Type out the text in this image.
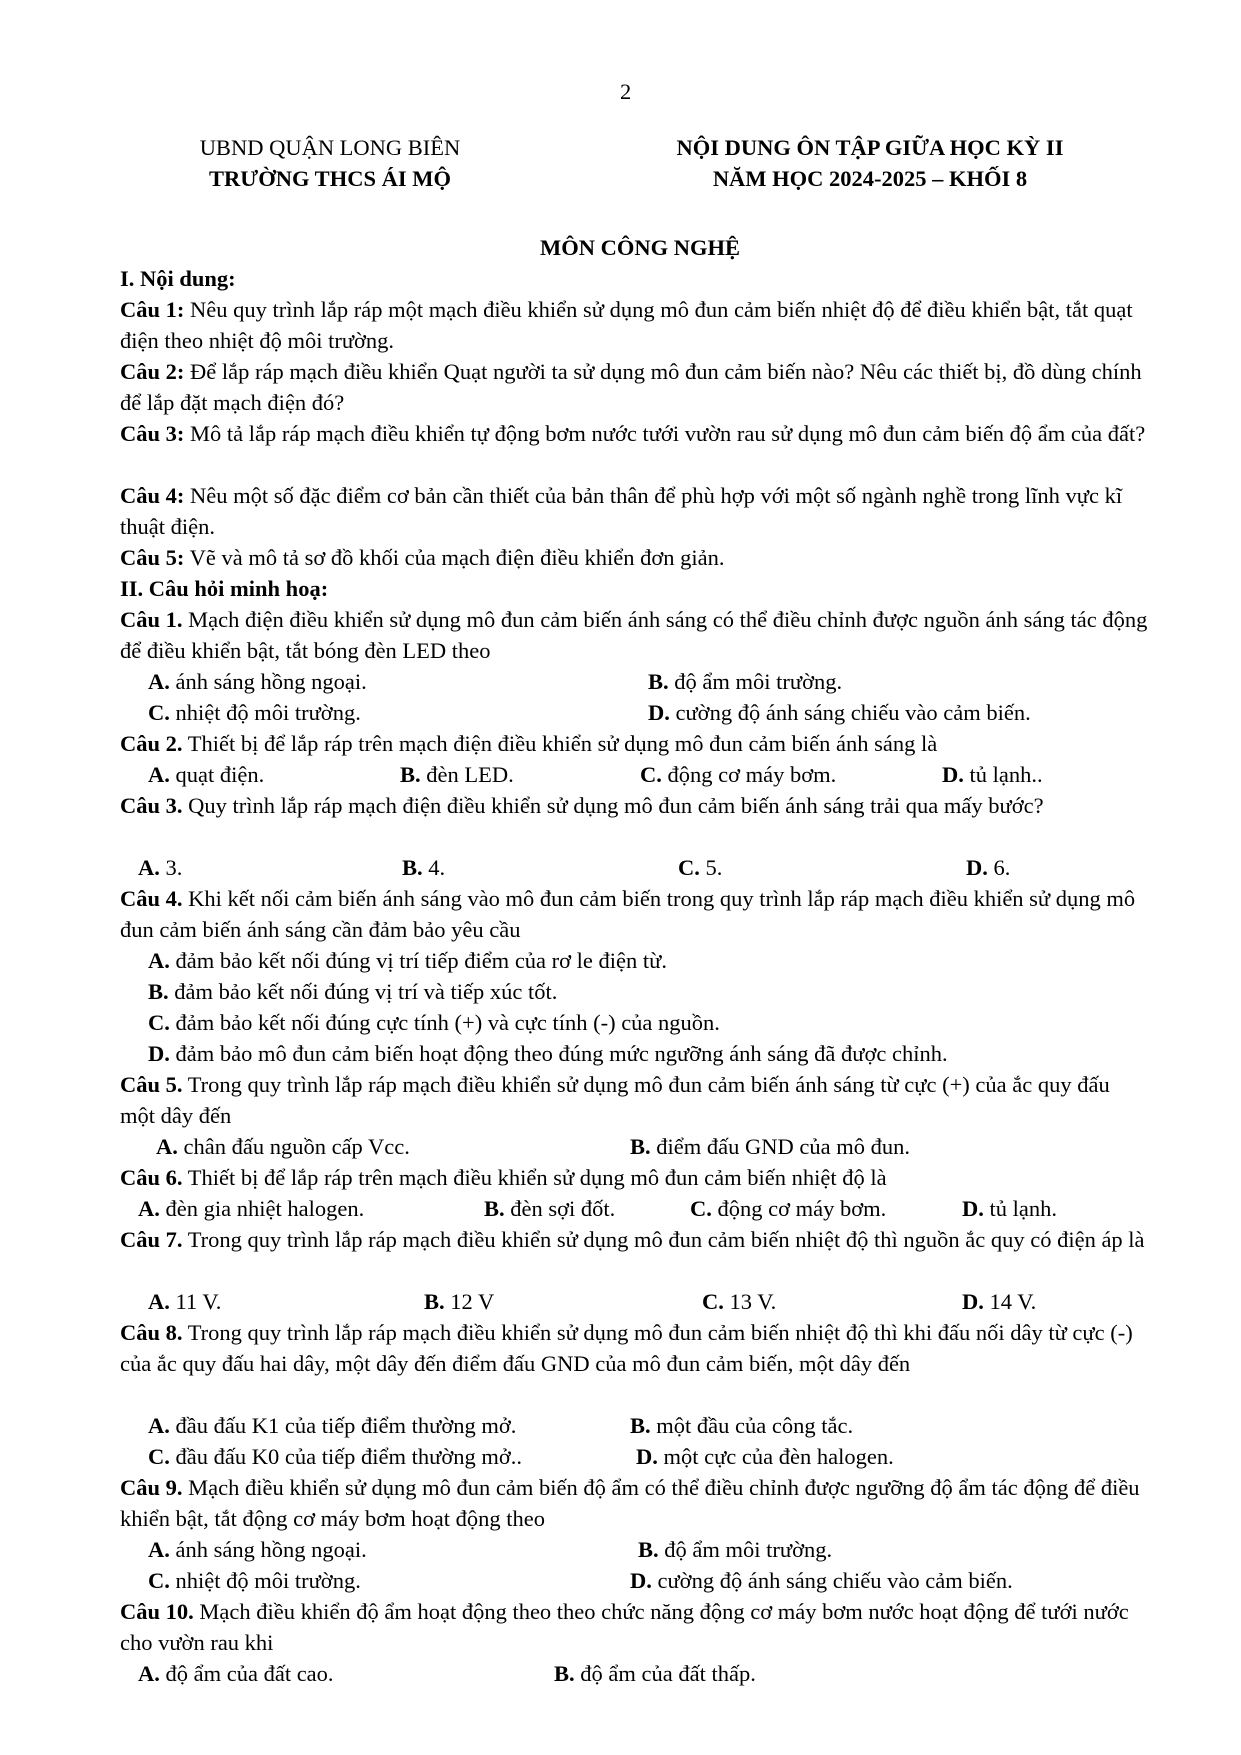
2
UBND QUẬN LONG BIÊN
TRƯỜNG THCS ÁI MỘ
NỘI DUNG ÔN TẬP GIỮA HỌC KỲ II
NĂM HỌC 2024-2025 – KHỐI 8
MÔN CÔNG NGHỆ
I. Nội dung:
Câu 1: Nêu quy trình lắp ráp một mạch điều khiển sử dụng mô đun cảm biến nhiệt độ để điều khiển bật, tắt quạt điện theo nhiệt độ môi trường.
Câu 2: Để lắp ráp mạch điều khiển Quạt người ta sử dụng mô đun cảm biến nào? Nêu các thiết bị, đồ dùng chính để lắp đặt mạch điện đó?
Câu 3: Mô tả lắp ráp mạch điều khiển tự động bơm nước tưới vườn rau sử dụng mô đun cảm biến độ ẩm của đất?
Câu 4: Nêu một số đặc điểm cơ bản cần thiết của bản thân để phù hợp với một số ngành nghề trong lĩnh vực kĩ thuật điện.
Câu 5: Vẽ và mô tả sơ đồ khối của mạch điện điều khiển đơn giản.
II. Câu hỏi minh hoạ:
Câu 1. Mạch điện điều khiển sử dụng mô đun cảm biến ánh sáng có thể điều chỉnh được nguồn ánh sáng tác động để điều khiển bật, tắt bóng đèn LED theo
A. ánh sáng hồng ngoại.	B. độ ẩm môi trường.
C. nhiệt độ môi trường.	D. cường độ ánh sáng chiếu vào cảm biến.
Câu 2. Thiết bị để lắp ráp trên mạch điện điều khiển sử dụng mô đun cảm biến ánh sáng là
A. quạt điện.	B. đèn LED.	C. động cơ máy bơm.	D. tủ lạnh..
Câu 3. Quy trình lắp ráp mạch điện điều khiển sử dụng mô đun cảm biến ánh sáng trải qua mấy bước?
A. 3.	B. 4.	C. 5.	D. 6.
Câu 4. Khi kết nối cảm biến ánh sáng vào mô đun cảm biến trong quy trình lắp ráp mạch điều khiển sử dụng mô đun cảm biến ánh sáng cần đảm bảo yêu cầu
A. đảm bảo kết nối đúng vị trí tiếp điểm của rơ le điện từ.
B. đảm bảo kết nối đúng vị trí và tiếp xúc tốt.
C. đảm bảo kết nối đúng cực tính (+) và cực tính (-) của nguồn.
D. đảm bảo mô đun cảm biến hoạt động theo đúng mức ngưỡng ánh sáng đã được chỉnh.
Câu 5. Trong quy trình lắp ráp mạch điều khiển sử dụng mô đun cảm biến ánh sáng từ cực (+) của ắc quy đấu một dây đến
A. chân đấu nguồn cấp Vcc.	B. điểm đấu GND của mô đun.
Câu 6. Thiết bị để lắp ráp trên mạch điều khiển sử dụng mô đun cảm biến nhiệt độ là
A. đèn gia nhiệt halogen.	B. đèn sợi đốt.	C. động cơ máy bơm.	D. tủ lạnh.
Câu 7. Trong quy trình lắp ráp mạch điều khiển sử dụng mô đun cảm biến nhiệt độ thì nguồn ắc quy có điện áp là
A. 11 V.	B. 12 V	C. 13 V.	D. 14 V.
Câu 8. Trong quy trình lắp ráp mạch điều khiển sử dụng mô đun cảm biến nhiệt độ thì khi đấu nối dây từ cực (-) của ắc quy đấu hai dây, một dây đến điểm đấu GND của mô đun cảm biến, một dây đến
A. đầu đấu K1 của tiếp điểm thường mở.	B. một đầu của công tắc.
C. đầu đấu K0 của tiếp điểm thường mở..	D. một cực của đèn halogen.
Câu 9. Mạch điều khiển sử dụng mô đun cảm biến độ ẩm có thể điều chỉnh được ngưỡng độ ẩm tác động để điều khiển bật, tắt động cơ máy bơm hoạt động theo
A. ánh sáng hồng ngoại.	B. độ ẩm môi trường.
C. nhiệt độ môi trường.	D. cường độ ánh sáng chiếu vào cảm biến.
Câu 10. Mạch điều khiển độ ẩm hoạt động theo theo chức năng động cơ máy bơm nước hoạt động để tưới nước cho vườn rau khi
A. độ ẩm của đất cao.	B. độ ẩm của đất thấp.
